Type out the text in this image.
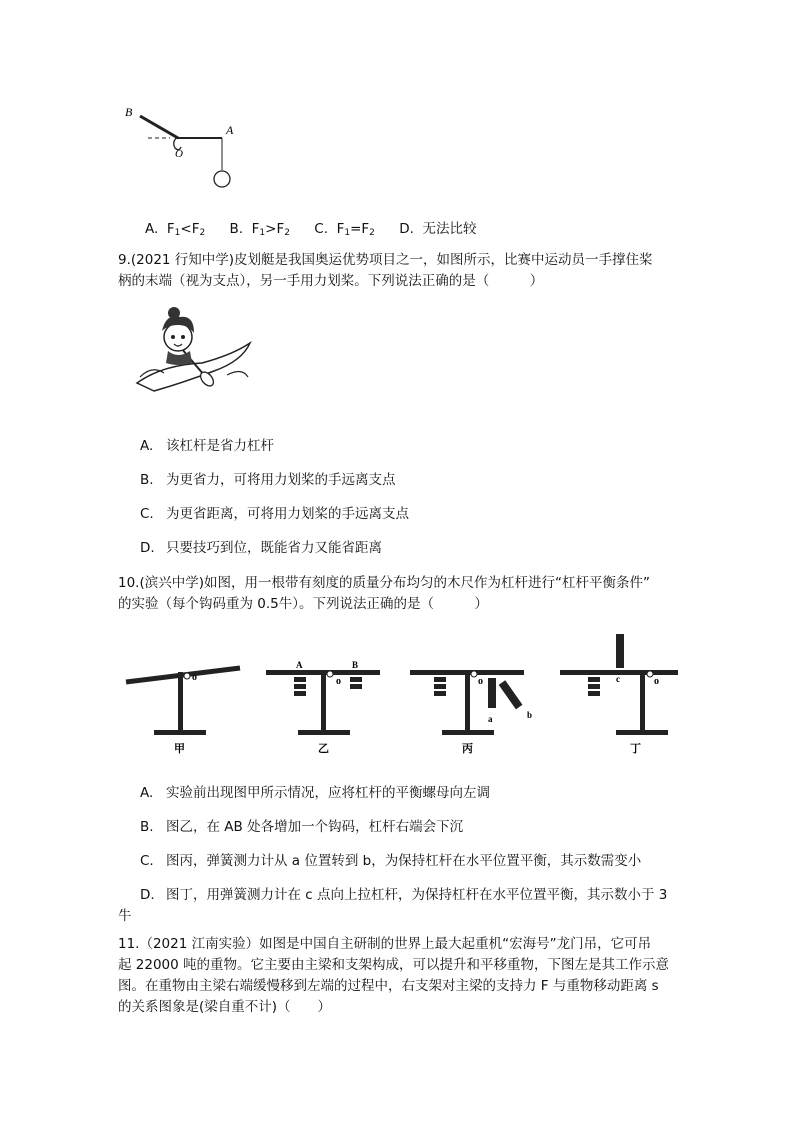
B
A
O
A. $F_1<F_2$ B. $F_1>F_2$ C. $F_1=F_2$ D. 无法比较
9.(2021 行知中学)皮划艇是我国奥运优势项目之一，如图所示，比赛中运动员一手撑住桨
柄的末端（视为支点），另一手用力划桨。下列说法正确的是（　　　）
A. 该杠杆是省力杠杆
B. 为更省力，可将用力划桨的手远离支点
C. 为更省距离，可将用力划桨的手远离支点
D. 只要技巧到位，既能省力又能省距离
10.(滨兴中学)如图，用一根带有刻度的质量分布均匀的木尺作为杠杆进行“杠杆平衡条件”
的实验（每个钩码重为 0.5牛）。下列说法正确的是（　　　）
o
甲
o
A	B
乙
o
a	b
丙
o
c
丁
A. 实验前出现图甲所示情况，应将杠杆的平衡螺母向左调
B. 图乙，在 AB 处各增加一个钩码，杠杆右端会下沉
C. 图丙，弹簧测力计从 a 位置转到 b，为保持杠杆在水平位置平衡，其示数需变小
D. 图丁，用弹簧测力计在 c 点向上拉杠杆，为保持杠杆在水平位置平衡，其示数小于 3
牛
11.（2021 江南实验）如图是中国自主研制的世界上最大起重机“宏海号”龙门吊，它可吊
起 22000 吨的重物。它主要由主梁和支架构成，可以提升和平移重物，下图左是其工作示意
图。在重物由主梁右端缓慢移到左端的过程中，右支架对主梁的支持力 F 与重物移动距离 s
的关系图象是(梁自重不计)（　　）
